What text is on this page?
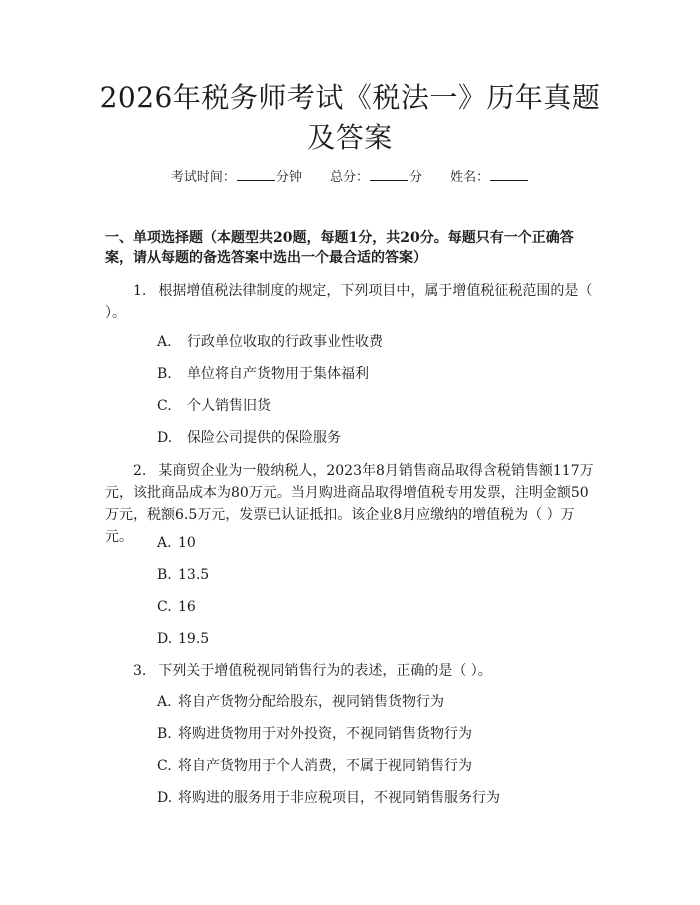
2026年税务师考试《税法一》历年真题及答案
考试时间：	分钟 总分：	分 姓名：

一、单项选择题（本题型共20题，每题1分，共20分。每题只有一个正确答案，请从每题的备选答案中选出一个最合适的答案）

1. 根据增值税法律制度的规定，下列项目中，属于增值税征税范围的是（ ）。

A. 行政单位收取的行政事业性收费
B. 单位将自产货物用于集体福利
C. 个人销售旧货
D. 保险公司提供的保险服务

2. 某商贸企业为一般纳税人，2023年8月销售商品取得含税销售额117万元，该批商品成本为80万元。当月购进商品取得增值税专用发票，注明金额50万元，税额6.5万元，发票已认证抵扣。该企业8月应缴纳的增值税为（ ）万元。	A. 10
B. 13.5
C. 16
D. 19.5

3. 下列关于增值税视同销售行为的表述，正确的是（ ）。

A. 将自产货物分配给股东，视同销售货物行为
B. 将购进货物用于对外投资，不视同销售货物行为
C. 将自产货物用于个人消费，不属于视同销售行为
D. 将购进的服务用于非应税项目，不视同销售服务行为
